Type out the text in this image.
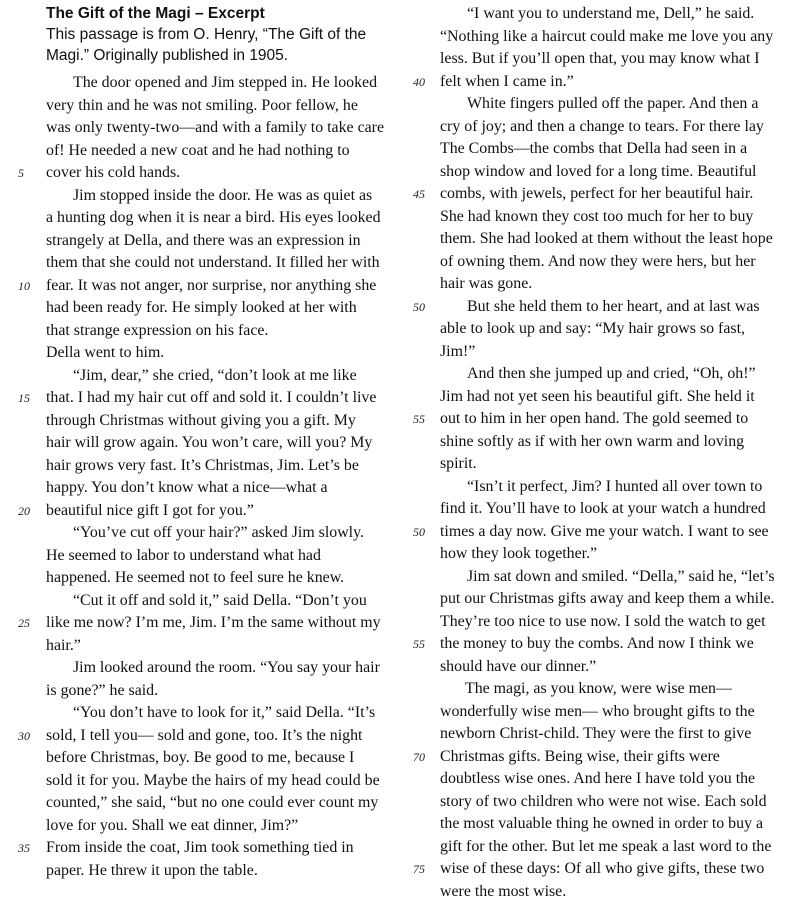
The Gift of the Magi – Excerpt

This passage is from O. Henry, “The Gift of the

Magi.” Originally published in 1905.

The door opened and Jim stepped in. He looked
very thin and he was not smiling. Poor fellow, he
was only twenty-two—and with a family to take care
of! He needed a new coat and he had nothing to
5 cover his cold hands.
Jim stopped inside the door. He was as quiet as
a hunting dog when it is near a bird. His eyes looked
strangely at Della, and there was an expression in
them that she could not understand. It filled her with
10 fear. It was not anger, nor surprise, nor anything she
had been ready for. He simply looked at her with
that strange expression on his face.
Della went to him.
“Jim, dear,” she cried, “don’t look at me like
15 that. I had my hair cut off and sold it. I couldn’t live
through Christmas without giving you a gift. My
hair will grow again. You won’t care, will you? My
hair grows very fast. It’s Christmas, Jim. Let’s be
happy. You don’t know what a nice—what a
20 beautiful nice gift I got for you.”
“You’ve cut off your hair?” asked Jim slowly.
He seemed to labor to understand what had
happened. He seemed not to feel sure he knew.
“Cut it off and sold it,” said Della. “Don’t you
25 like me now? I’m me, Jim. I’m the same without my
hair.”
Jim looked around the room. “You say your hair
is gone?” he said.
“You don’t have to look for it,” said Della. “It’s
30 sold, I tell you— sold and gone, too. It’s the night
before Christmas, boy. Be good to me, because I
sold it for you. Maybe the hairs of my head could be
counted,” she said, “but no one could ever count my
love for you. Shall we eat dinner, Jim?”
35 From inside the coat, Jim took something tied in
paper. He threw it upon the table.
“I want you to understand me, Dell,” he said.
“Nothing like a haircut could make me love you any
less. But if you’ll open that, you may know what I
40 felt when I came in.”
White fingers pulled off the paper. And then a
cry of joy; and then a change to tears. For there lay
The Combs—the combs that Della had seen in a
shop window and loved for a long time. Beautiful
45 combs, with jewels, perfect for her beautiful hair.
She had known they cost too much for her to buy
them. She had looked at them without the least hope
of owning them. And now they were hers, but her
hair was gone.
50	But she held them to her heart, and at last was
able to look up and say: “My hair grows so fast,
Jim!”
And then she jumped up and cried, “Oh, oh!”
Jim had not yet seen his beautiful gift. She held it
55 out to him in her open hand. The gold seemed to
shine softly as if with her own warm and loving
spirit.
“Isn’t it perfect, Jim? I hunted all over town to
find it. You’ll have to look at your watch a hundred
50 times a day now. Give me your watch. I want to see
how they look together.”
Jim sat down and smiled. “Della,” said he, “let’s
put our Christmas gifts away and keep them a while.
They’re too nice to use now. I sold the watch to get
55 the money to buy the combs. And now I think we
should have our dinner.”
The magi, as you know, were wise men—
wonderfully wise men— who brought gifts to the
newborn Christ-child. They were the first to give
70 Christmas gifts. Being wise, their gifts were
doubtless wise ones. And here I have told you the
story of two children who were not wise. Each sold
the most valuable thing he owned in order to buy a
gift for the other. But let me speak a last word to the
75 wise of these days: Of all who give gifts, these two
were the most wise.
